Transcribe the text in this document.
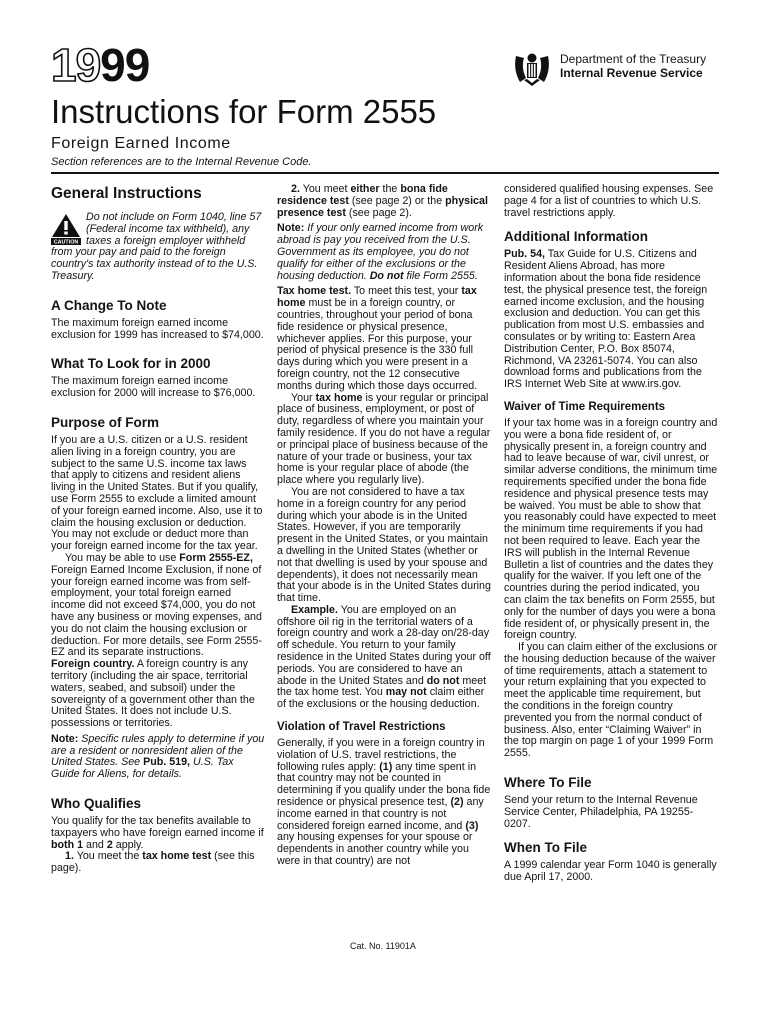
19 99
Instructions for Form 2555
Foreign Earned Income
Section references are to the Internal Revenue Code.
Department of the Treasury
Internal Revenue Service

General Instructions

CAUTION

Do not include on Form 1040, line 57 (Federal income tax withheld), any taxes a foreign employer withheld from your pay and paid to the foreign country's tax authority instead of to the U.S. Treasury.

A Change To Note

The maximum foreign earned income exclusion for 1999 has increased to $74,000.

What To Look for in 2000

The maximum foreign earned income exclusion for 2000 will increase to $76,000.

Purpose of Form

If you are a U.S. citizen or a U.S. resident alien living in a foreign country, you are subject to the same U.S. income tax laws that apply to citizens and resident aliens living in the United States. But if you qualify, use Form 2555 to exclude a limited amount of your foreign earned income. Also, use it to claim the housing exclusion or deduction. You may not exclude or deduct more than your foreign earned income for the tax year.

You may be able to use Form 2555-EZ, Foreign Earned Income Exclusion, if none of your foreign earned income was from self-employment, your total foreign earned income did not exceed $74,000, you do not have any business or moving expenses, and you do not claim the housing exclusion or deduction. For more details, see Form 2555-EZ and its separate instructions.

Foreign country. A foreign country is any territory (including the air space, territorial waters, seabed, and subsoil) under the sovereignty of a government other than the United States. It does not include U.S. possessions or territories.

Note: Specific rules apply to determine if you are a resident or nonresident alien of the United States. See Pub. 519, U.S. Tax Guide for Aliens, for details.

Who Qualifies

You qualify for the tax benefits available to taxpayers who have foreign earned income if both 1 and 2 apply.

1. You meet the tax home test (see this page).

2. You meet either the bona fide residence test (see page 2) or the physical presence test (see page 2).

Note: If your only earned income from work abroad is pay you received from the U.S. Government as its employee, you do not qualify for either of the exclusions or the housing deduction. Do not file Form 2555.

Tax home test. To meet this test, your tax home must be in a foreign country, or countries, throughout your period of bona fide residence or physical presence, whichever applies. For this purpose, your period of physical presence is the 330 full days during which you were present in a foreign country, not the 12 consecutive months during which those days occurred.

Your tax home is your regular or principal place of business, employment, or post of duty, regardless of where you maintain your family residence. If you do not have a regular or principal place of business because of the nature of your trade or business, your tax home is your regular place of abode (the place where you regularly live).

You are not considered to have a tax home in a foreign country for any period during which your abode is in the United States. However, if you are temporarily present in the United States, or you maintain a dwelling in the United States (whether or not that dwelling is used by your spouse and dependents), it does not necessarily mean that your abode is in the United States during that time.

Example. You are employed on an offshore oil rig in the territorial waters of a foreign country and work a 28-day on/28-day off schedule. You return to your family residence in the United States during your off periods. You are considered to have an abode in the United States and do not meet the tax home test. You may not claim either of the exclusions or the housing deduction.

Violation of Travel Restrictions

Generally, if you were in a foreign country in violation of U.S. travel restrictions, the following rules apply: (1) any time spent in that country may not be counted in determining if you qualify under the bona fide residence or physical presence test, (2) any income earned in that country is not considered foreign earned income, and (3) any housing expenses for your spouse or dependents in another country while you were in that country) are not

considered qualified housing expenses. See page 4 for a list of countries to which U.S. travel restrictions apply.

Additional Information

Pub. 54, Tax Guide for U.S. Citizens and Resident Aliens Abroad, has more information about the bona fide residence test, the physical presence test, the foreign earned income exclusion, and the housing exclusion and deduction. You can get this publication from most U.S. embassies and consulates or by writing to: Eastern Area Distribution Center, P.O. Box 85074, Richmond, VA 23261-5074. You can also download forms and publications from the IRS Internet Web Site at www.irs.gov.

Waiver of Time Requirements

If your tax home was in a foreign country and you were a bona fide resident of, or physically present in, a foreign country and had to leave because of war, civil unrest, or similar adverse conditions, the minimum time requirements specified under the bona fide residence and physical presence tests may be waived. You must be able to show that you reasonably could have expected to meet the minimum time requirements if you had not been required to leave. Each year the IRS will publish in the Internal Revenue Bulletin a list of countries and the dates they qualify for the waiver. If you left one of the countries during the period indicated, you can claim the tax benefits on Form 2555, but only for the number of days you were a bona fide resident of, or physically present in, the foreign country.

If you can claim either of the exclusions or the housing deduction because of the waiver of time requirements, attach a statement to your return explaining that you expected to meet the applicable time requirement, but the conditions in the foreign country prevented you from the normal conduct of business. Also, enter “Claiming Waiver” in the top margin on page 1 of your 1999 Form 2555.

Where To File

Send your return to the Internal Revenue Service Center, Philadelphia, PA 19255-0207.

When To File

A 1999 calendar year Form 1040 is generally due April 17, 2000.

Cat. No. 11901A
